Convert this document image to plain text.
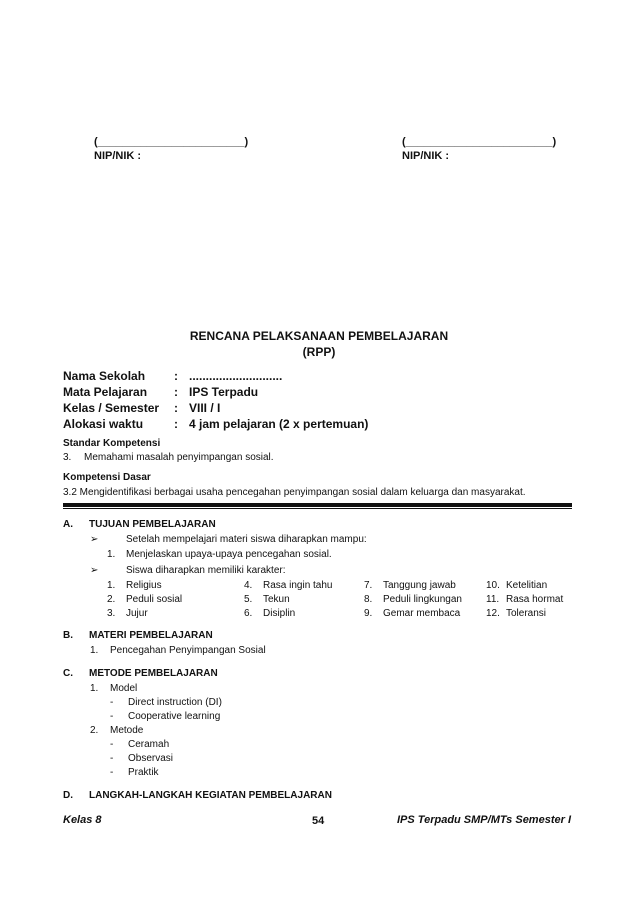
(________________________)
NIP/NIK :
(________________________)
NIP/NIK :
RENCANA PELAKSANAAN PEMBELAJARAN
(RPP)
Nama Sekolah : ............................
Mata Pelajaran : IPS Terpadu
Kelas / Semester : VIII / I
Alokasi waktu	: 4 jam pelajaran (2 x pertemuan)
Standar Kompetensi
3. Memahami masalah penyimpangan sosial.
Kompetensi Dasar
3.2 Mengidentifikasi berbagai usaha pencegahan penyimpangan sosial dalam keluarga dan masyarakat.
A. TUJUAN PEMBELAJARAN
➢	Setelah mempelajari materi siswa diharapkan mampu:
1. Menjelaskan upaya-upaya pencegahan sosial.
➢	Siswa diharapkan memiliki karakter:
1. Religius	4. Rasa ingin tahu	7. Tanggung jawab	10. Ketelitian
2. Peduli sosial	5. Tekun	8. Peduli lingkungan 11. Rasa hormat
3. Jujur	6. Disiplin	9. Gemar membaca	12. Toleransi
B. MATERI PEMBELAJARAN
1. Pencegahan Penyimpangan Sosial
C. METODE PEMBELAJARAN
1. Model
- Direct instruction (DI)
- Cooperative learning
2. Metode
- Ceramah
- Observasi
- Praktik
D. LANGKAH-LANGKAH KEGIATAN PEMBELAJARAN
Kelas 8	54	IPS Terpadu SMP/MTs Semester I
